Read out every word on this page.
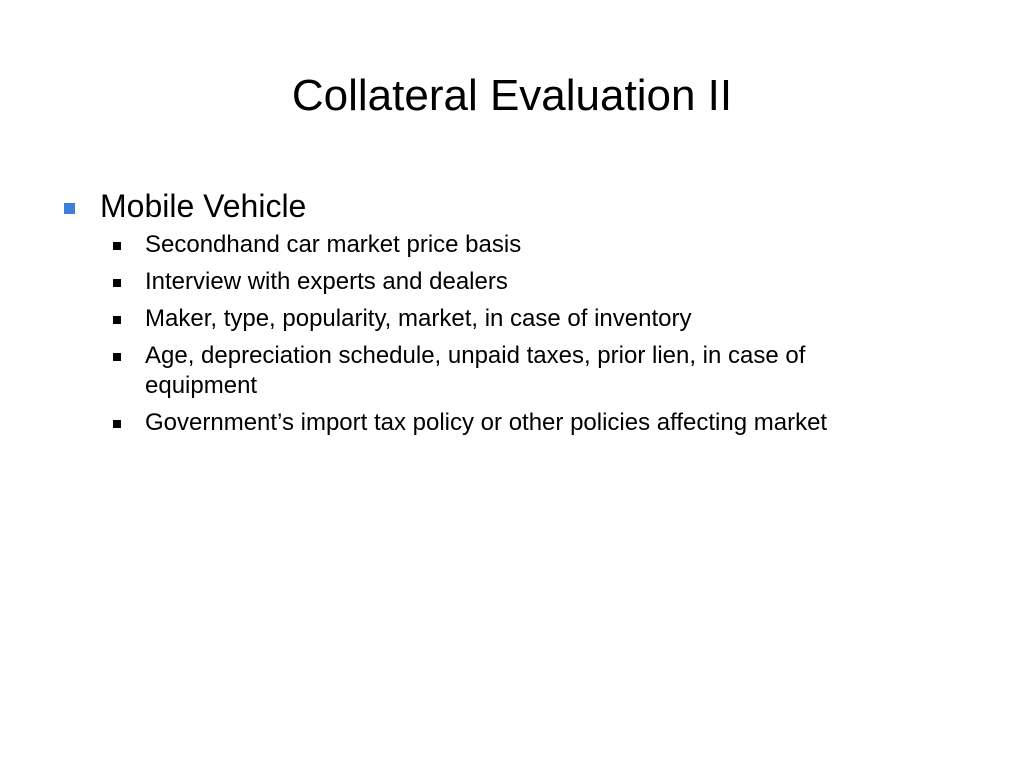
Collateral Evaluation II
Mobile Vehicle
Secondhand car market price basis
Interview with experts and dealers
Maker, type, popularity, market, in case of inventory
Age, depreciation schedule, unpaid taxes, prior lien, in case of equipment
Government’s import tax policy or other policies affecting market
